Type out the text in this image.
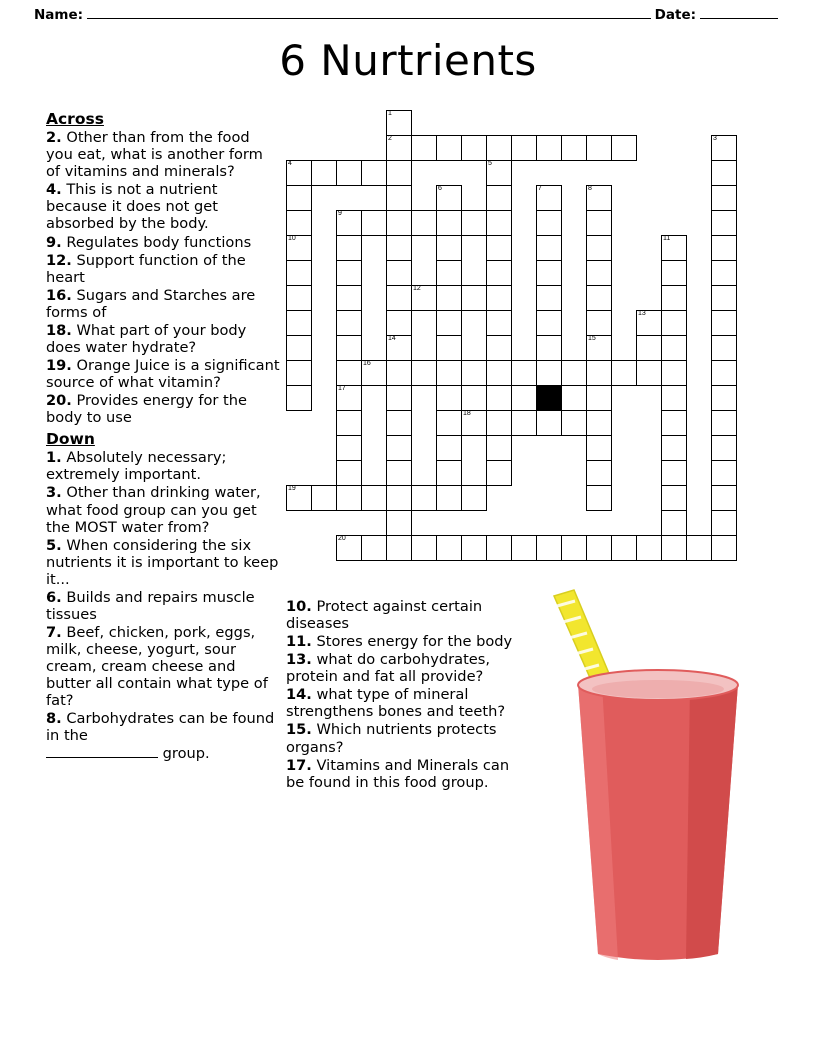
Name:	Date:
6 Nurtrients
Across
2. Other than from the food you eat, what is another form of vitamins and minerals?
4. This is not a nutrient because it does not get absorbed by the body.
9. Regulates body functions
12. Support function of the heart
16. Sugars and Starches are forms of
18. What part of your body does water hydrate?
19. Orange Juice is a significant source of what vitamin?
20. Provides energy for the body to use
Down
1. Absolutely necessary; extremely important.
3. Other than drinking water, what food group can you get the MOST water from?
5. When considering the six nutrients it is important to keep it...
6. Builds and repairs muscle tissues
7. Beef, chicken, pork, eggs, milk, cheese, yogurt, sour cream, cream cheese and butter all contain what type of fat?
8. Carbohydrates can be found in the
group.
10. Protect against certain diseases
11. Stores energy for the body
13. what do carbohydrates, protein and fat all provide?
14. what type of mineral strengthens bones and teeth?
15. Which nutrients protects organs?
17. Vitamins and Minerals can be found in this food group.
1
2	3
4	5
6	7	8
9
10	11
12
13
14	15
16
17
18
19
20
